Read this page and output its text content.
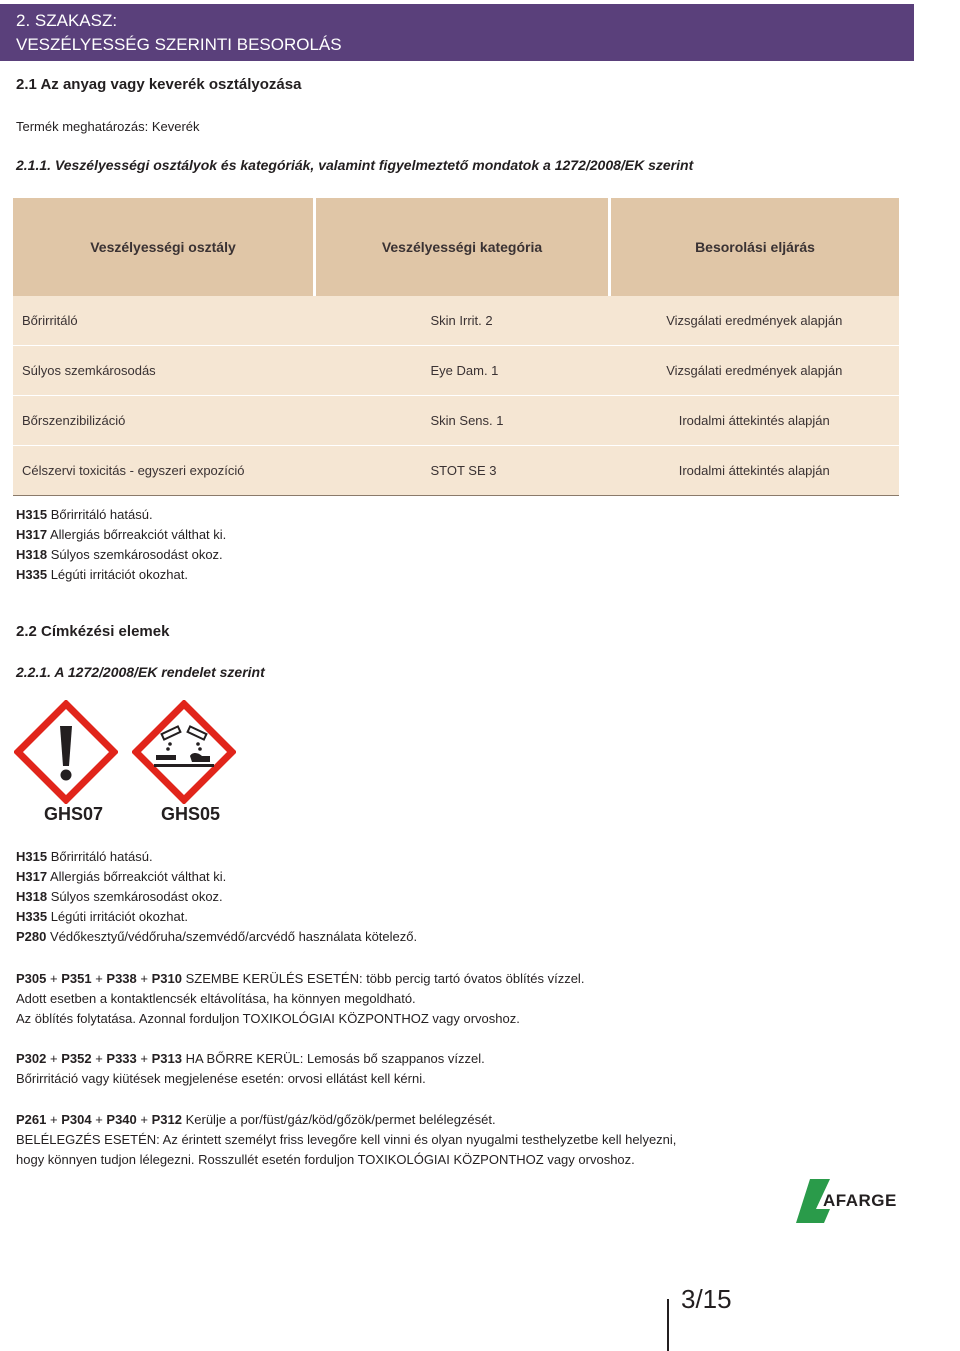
2. SZAKASZ:
VESZÉLYESSÉG SZERINTI BESOROLÁS
2.1 Az anyag vagy keverék osztályozása
Termék meghatározás: Keverék
2.1.1. Veszélyességi osztályok és kategóriák, valamint figyelmeztető mondatok a 1272/2008/EK szerint
Veszélyességi osztály	Veszélyességi kategória	Besorolási eljárás
Bőrirritáló	Skin Irrit. 2	Vizsgálati eredmények alapján
Súlyos szemkárosodás	Eye Dam. 1	Vizsgálati eredmények alapján
Bőrszenzibilizáció	Skin Sens. 1	Irodalmi áttekintés alapján
Célszervi toxicitás - egyszeri expozíció	STOT SE 3	Irodalmi áttekintés alapján
H315 Bőrirritáló hatású.
H317 Allergiás bőrreakciót válthat ki.
H318 Súlyos szemkárosodást okoz.
H335 Légúti irritációt okozhat.
2.2 Címkézési elemek
2.2.1. A 1272/2008/EK rendelet szerint
GHS07	GHS05
H315 Bőrirritáló hatású.
H317 Allergiás bőrreakciót válthat ki.
H318 Súlyos szemkárosodást okoz.
H335 Légúti irritációt okozhat.
P280 Védőkesztyű/védőruha/szemvédő/arcvédő használata kötelező.
P305 + P351 + P338 + P310 SZEMBE KERÜLÉS ESETÉN: több percig tartó óvatos öblítés vízzel.
Adott esetben a kontaktlencsék eltávolítása, ha könnyen megoldható.
Az öblítés folytatása. Azonnal forduljon TOXIKOLÓGIAI KÖZPONTHOZ vagy orvoshoz.
P302 + P352 + P333 + P313 HA BŐRRE KERÜL: Lemosás bő szappanos vízzel.
Bőrirritáció vagy kiütések megjelenése esetén: orvosi ellátást kell kérni.
P261 + P304 + P340 + P312 Kerülje a por/füst/gáz/köd/gőzök/permet belélegzését.
BELÉLEGZÉS ESETÉN: Az érintett személyt friss levegőre kell vinni és olyan nyugalmi testhelyzetbe kell helyezni,
hogy könnyen tudjon lélegezni. Rosszullét esetén forduljon TOXIKOLÓGIAI KÖZPONTHOZ vagy orvoshoz.
AFARGE
3/15
